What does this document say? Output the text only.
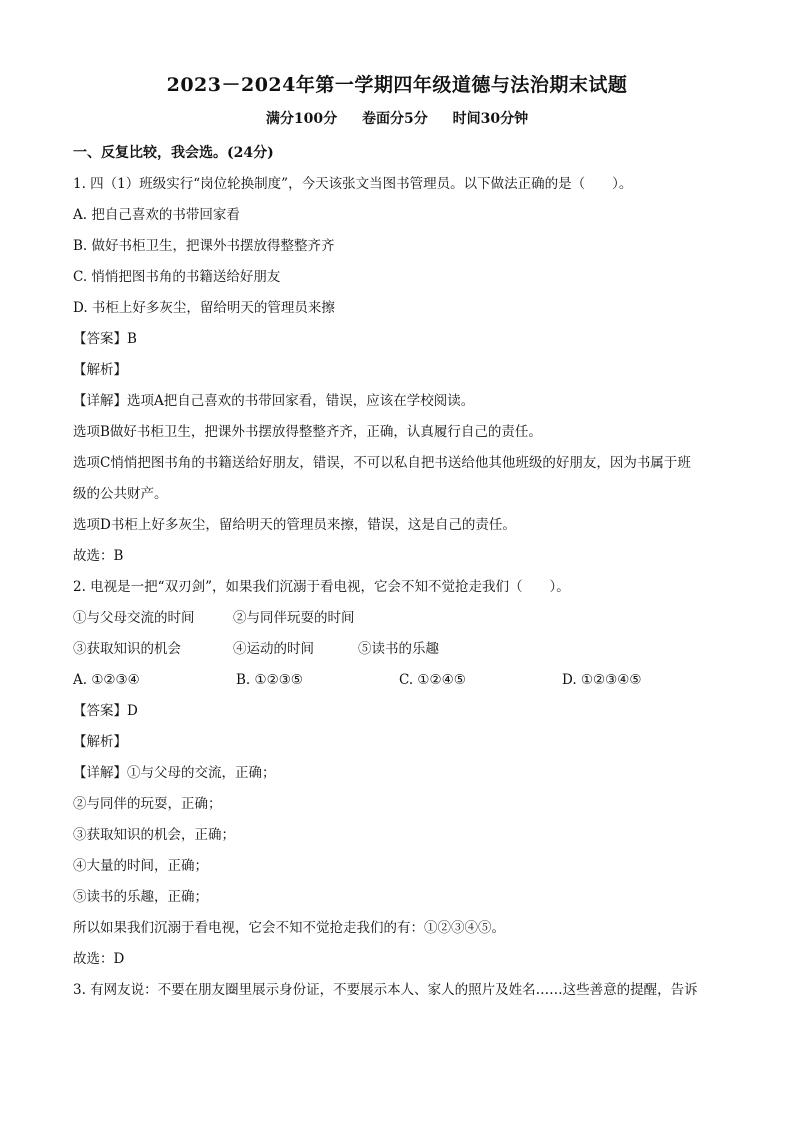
2023－2024年第一学期四年级道德与法治期末试题
满分100分 卷面分5分 时间30分钟
一、反复比较，我会选。(24分)
1. 四（1）班级实行“岗位轮换制度”，今天该张文当图书管理员。以下做法正确的是（　　）。
A. 把自己喜欢的书带回家看
B. 做好书柜卫生，把课外书摆放得整整齐齐
C. 悄悄把图书角的书籍送给好朋友
D. 书柜上好多灰尘，留给明天的管理员来擦
【答案】B
【解析】
【详解】选项A把自己喜欢的书带回家看，错误，应该在学校阅读。
选项B做好书柜卫生，把课外书摆放得整整齐齐，正确，认真履行自己的责任。
选项C悄悄把图书角的书籍送给好朋友，错误，不可以私自把书送给他其他班级的好朋友，因为书属于班
级的公共财产。
选项D书柜上好多灰尘，留给明天的管理员来擦，错误，这是自己的责任。
故选：B
2. 电视是一把“双刃剑”，如果我们沉溺于看电视，它会不知不觉抢走我们（　　）。
①与父母交流的时间	②与同伴玩耍的时间
③获取知识的机会	④运动的时间	⑤读书的乐趣
A. ①②③④	B. ①②③⑤	C. ①②④⑤	D. ①②③④⑤
【答案】D
【解析】
【详解】①与父母的交流，正确；
②与同伴的玩耍，正确；
③获取知识的机会，正确；
④大量的时间，正确；
⑤读书的乐趣，正确；
所以如果我们沉溺于看电视，它会不知不觉抢走我们的有：①②③④⑤。
故选：D
3. 有网友说：不要在朋友圈里展示身份证，不要展示本人、家人的照片及姓名……这些善意的提醒，告诉
